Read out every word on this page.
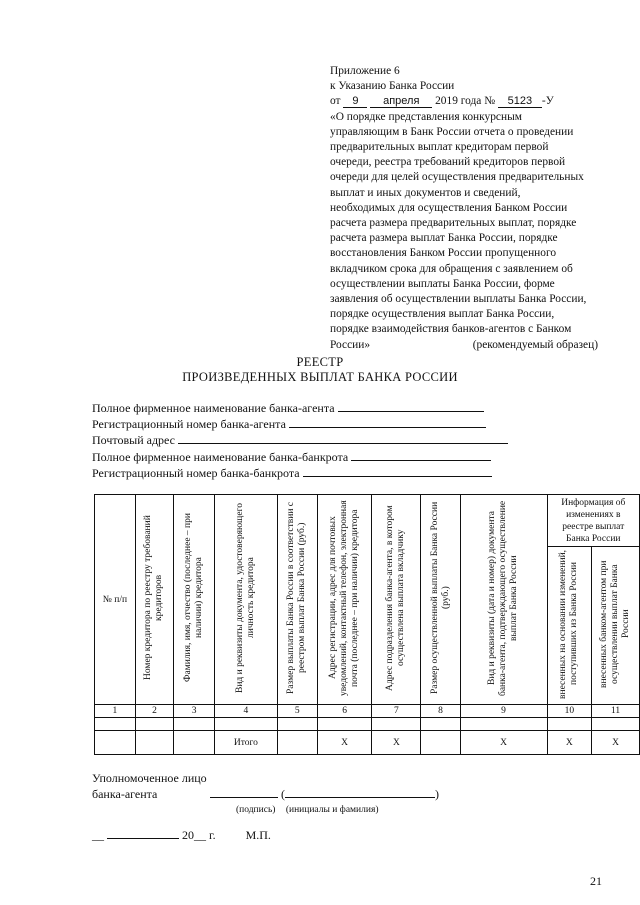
Приложение 6
к Указанию Банка России
от 9 апреля 2019 года № 5123 -У
«О порядке представления конкурсным
управляющим в Банк России отчета о проведении
предварительных выплат кредиторам первой
очереди, реестра требований кредиторов первой
очереди для целей осуществления предварительных
выплат и иных документов и сведений,
необходимых для осуществления Банком России
расчета размера предварительных выплат, порядке
расчета размера выплат Банка России, порядке
восстановления Банком России пропущенного
вкладчиком срока для обращения с заявлением об
осуществлении выплаты Банка России, форме
заявления об осуществлении выплаты Банка России,
порядке осуществления выплат Банка России,
порядке взаимодействия банков-агентов с Банком
России»	(рекомендуемый образец)
РЕЕСТР
ПРОИЗВЕДЕННЫХ ВЫПЛАТ БАНКА РОССИИ
Полное фирменное наименование банка-агента
Регистрационный номер банка-агента
Почтовый адрес
Полное фирменное наименование банка-банкрота
Регистрационный номер банка-банкрота
№ п/п	Номер кредитора по реестру требований кредиторов	Фамилия, имя, отчество (последнее – при наличии) кредитора	Вид и реквизиты документа, удостоверяющего личность кредитора	Размер выплаты Банка России в соответствии с реестром выплат Банка России (руб.)	Адрес регистрации, адрес для почтовых уведомлений, контактный телефон, электронная почта (последнее – при наличии) кредитора	Адрес подразделения банка-агента, в котором осуществлена выплата вкладчику	Размер осуществленной выплаты Банка России (руб.)	Вид и реквизиты (дата и номер) документа банка-агента, подтверждающего осуществление выплат Банка России	Информация об изменениях в реестре выплат Банка России	
									внесенных на основании изменений, поступивших из Банка России	внесенных банком-агентом при осуществлении выплат Банка России
1	2	3	4	5	6	7	8	9	10	11

			Итого		X	X		X	X	X
Уполномоченное лицо
банка-агента	(	)
(подпись) (инициалы и фамилия)
__	20__ г.	М.П.
21
